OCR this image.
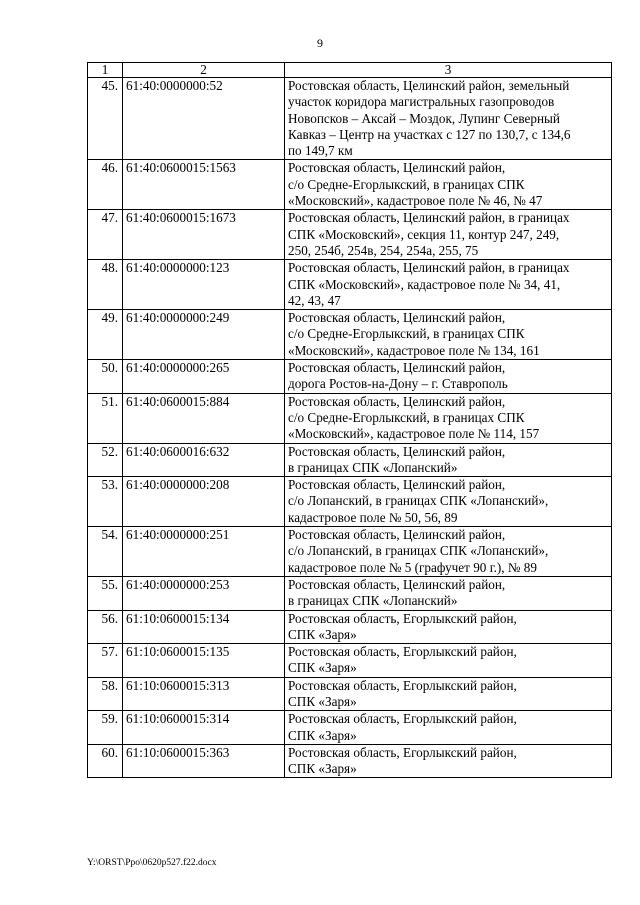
9
1	2	3
45.	61:40:0000000:52	Ростовская область, Целинский район, земельный
участок коридора магистральных газопроводов
Новопсков – Аксай – Моздок, Лупинг Северный
Кавказ – Центр на участках с 127 по 130,7, с 134,6
по 149,7 км

46.	61:40:0600015:1563	Ростовская область, Целинский район,
с/о Средне-Егорлыкский, в границах СПК
«Московский», кадастровое поле № 46, № 47

47.	61:40:0600015:1673	Ростовская область, Целинский район, в границах
СПК «Московский», секция 11, контур 247, 249,
250, 254б, 254в, 254, 254а, 255, 75

48.	61:40:0000000:123	Ростовская область, Целинский район, в границах
СПК «Московский», кадастровое поле № 34, 41,
42, 43, 47

49.	61:40:0000000:249	Ростовская область, Целинский район,
с/о Средне-Егорлыкский, в границах СПК
«Московский», кадастровое поле № 134, 161

50.	61:40:0000000:265	Ростовская область, Целинский район,
дорога Ростов-на-Дону – г. Ставрополь

51.	61:40:0600015:884	Ростовская область, Целинский район,
с/о Средне-Егорлыкский, в границах СПК
«Московский», кадастровое поле № 114, 157

52.	61:40:0600016:632	Ростовская область, Целинский район,
в границах СПК «Лопанский»

53.	61:40:0000000:208	Ростовская область, Целинский район,
с/о Лопанский, в границах СПК «Лопанский»,
кадастровое поле № 50, 56, 89

54.	61:40:0000000:251	Ростовская область, Целинский район,
с/о Лопанский, в границах СПК «Лопанский»,
кадастровое поле № 5 (графучет 90 г.), № 89

55.	61:40:0000000:253	Ростовская область, Целинский район,
в границах СПК «Лопанский»

56.	61:10:0600015:134	Ростовская область, Егорлыкский район,
СПК «Заря»

57.	61:10:0600015:135	Ростовская область, Егорлыкский район,
СПК «Заря»

58.	61:10:0600015:313	Ростовская область, Егорлыкский район,
СПК «Заря»

59.	61:10:0600015:314	Ростовская область, Егорлыкский район,
СПК «Заря»

60.	61:10:0600015:363	Ростовская область, Егорлыкский район,
СПК «Заря»
Y:\ORST\Ppo\0620p527.f22.docx
